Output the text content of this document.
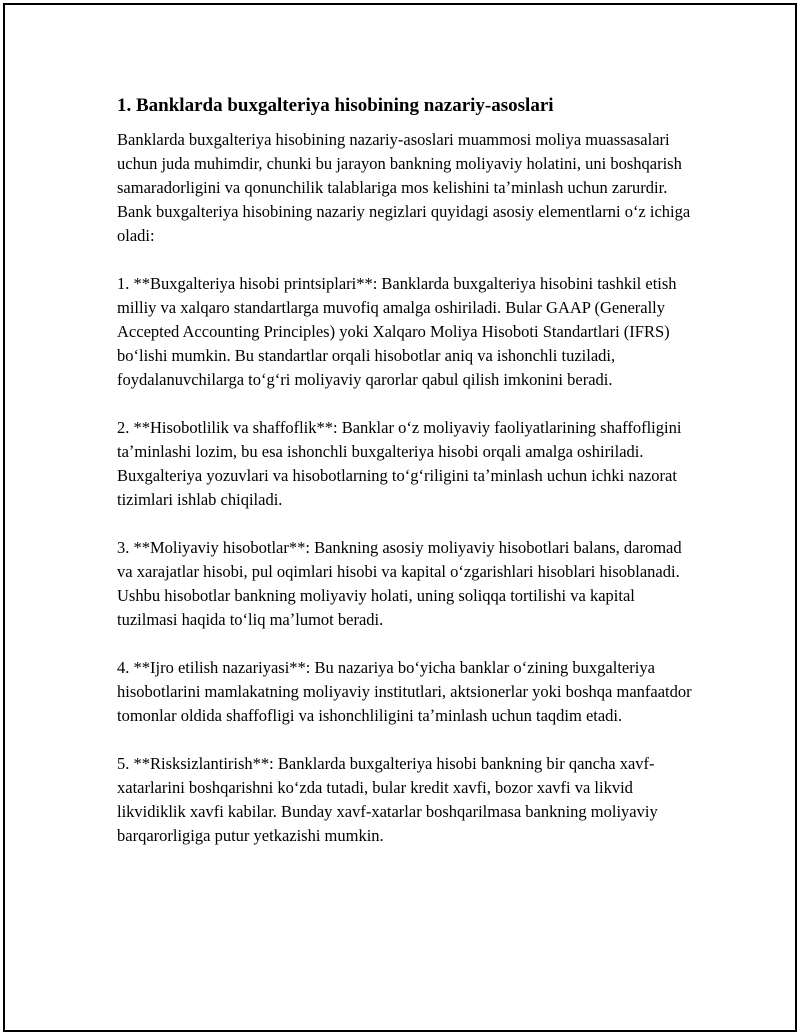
1. Banklarda buxgalteriya hisobining nazariy-asoslari

Banklarda buxgalteriya hisobining nazariy-asoslari muammosi moliya muassasalari uchun juda muhimdir, chunki bu jarayon bankning moliyaviy holatini, uni boshqarish samaradorligini va qonunchilik talablariga mos kelishini taʼminlash uchun zarurdir. Bank buxgalteriya hisobining nazariy negizlari quyidagi asosiy elementlarni oʻz ichiga oladi:

1. **Buxgalteriya hisobi printsiplari**: Banklarda buxgalteriya hisobini tashkil etish milliy va xalqaro standartlarga muvofiq amalga oshiriladi. Bular GAAP (Generally Accepted Accounting Principles) yoki Xalqaro Moliya Hisoboti Standartlari (IFRS) boʻlishi mumkin. Bu standartlar orqali hisobotlar aniq va ishonchli tuziladi, foydalanuvchilarga toʻgʻri moliyaviy qarorlar qabul qilish imkonini beradi.

2. **Hisobotlilik va shaffoflik**: Banklar oʻz moliyaviy faoliyatlarining shaffofligini taʼminlashi lozim, bu esa ishonchli buxgalteriya hisobi orqali amalga oshiriladi. Buxgalteriya yozuvlari va hisobotlarning toʻgʻriligini taʼminlash uchun ichki nazorat tizimlari ishlab chiqiladi.

3. **Moliyaviy hisobotlar**: Bankning asosiy moliyaviy hisobotlari balans, daromad va xarajatlar hisobi, pul oqimlari hisobi va kapital oʻzgarishlari hisoblari hisoblanadi. Ushbu hisobotlar bankning moliyaviy holati, uning soliqqa tortilishi va kapital tuzilmasi haqida toʻliq maʼlumot beradi.

4. **Ijro etilish nazariyasi**: Bu nazariya boʻyicha banklar oʻzining buxgalteriya hisobotlarini mamlakatning moliyaviy institutlari, aktsionerlar yoki boshqa manfaatdor tomonlar oldida shaffofligi va ishonchliligini taʼminlash uchun taqdim etadi.

5. **Risksizlantirish**: Banklarda buxgalteriya hisobi bankning bir qancha xavf-xatarlarini boshqarishni koʻzda tutadi, bular kredit xavfi, bozor xavfi va likvid likvidiklik xavfi kabilar. Bunday xavf-xatarlar boshqarilmasa bankning moliyaviy barqarorligiga putur yetkazishi mumkin.
